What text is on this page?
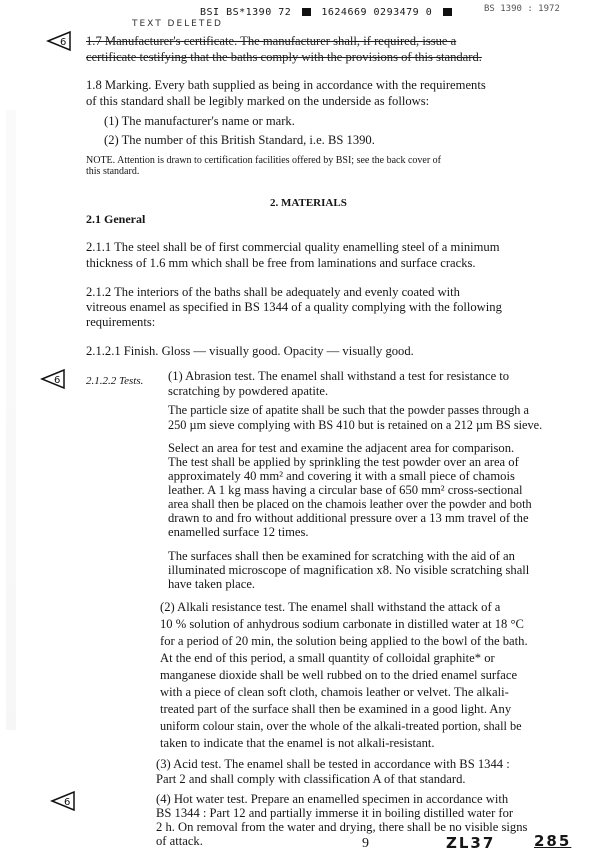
BSI BS*1390 72	1624669 0293479 0	BS 1390 : 1972
TEXT DELETED
6
6
6
1.7 Manufacturer's certificate. The manufacturer shall, if required, issue a
certificate testifying that the baths comply with the provisions of this standard.
1.8 Marking. Every bath supplied as being in accordance with the requirements
of this standard shall be legibly marked on the underside as follows:
(1) The manufacturer's name or mark.
(2) The number of this British Standard, i.e. BS 1390.
NOTE. Attention is drawn to certification facilities offered by BSI; see the back cover of
this standard.
2. MATERIALS
2.1 General
2.1.1 The steel shall be of first commercial quality enamelling steel of a minimum
thickness of 1.6 mm which shall be free from laminations and surface cracks.
2.1.2 The interiors of the baths shall be adequately and evenly coated with
vitreous enamel as specified in BS 1344 of a quality complying with the following
requirements:
2.1.2.1 Finish. Gloss — visually good. Opacity — visually good.
2.1.2.2 Tests. (1) Abrasion test. The enamel shall withstand a test for resistance to
scratching by powdered apatite.
The particle size of apatite shall be such that the powder passes through a
250 µm sieve complying with BS 410 but is retained on a 212 µm BS sieve.
Select an area for test and examine the adjacent area for comparison.
The test shall be applied by sprinkling the test powder over an area of
approximately 40 mm² and covering it with a small piece of chamois
leather. A 1 kg mass having a circular base of 650 mm² cross-sectional
area shall then be placed on the chamois leather over the powder and both
drawn to and fro without additional pressure over a 13 mm travel of the
enamelled surface 12 times.
The surfaces shall then be examined for scratching with the aid of an
illuminated microscope of magnification x8. No visible scratching shall
have taken place.
(2) Alkali resistance test. The enamel shall withstand the attack of a
10 % solution of anhydrous sodium carbonate in distilled water at 18 °C
for a period of 20 min, the solution being applied to the bowl of the bath.
At the end of this period, a small quantity of colloidal graphite* or
manganese dioxide shall be well rubbed on to the dried enamel surface
with a piece of clean soft cloth, chamois leather or velvet. The alkali-
treated part of the surface shall then be examined in a good light. Any
uniform colour stain, over the whole of the alkali-treated portion, shall be
taken to indicate that the enamel is not alkali-resistant.
(3) Acid test. The enamel shall be tested in accordance with BS 1344 :
Part 2 and shall comply with classification A of that standard.
(4) Hot water test. Prepare an enamelled specimen in accordance with
BS 1344 : Part 12 and partially immerse it in boiling distilled water for
2 h. On removal from the water and drying, there shall be no visible signs
of attack.	9	ZL37	285
